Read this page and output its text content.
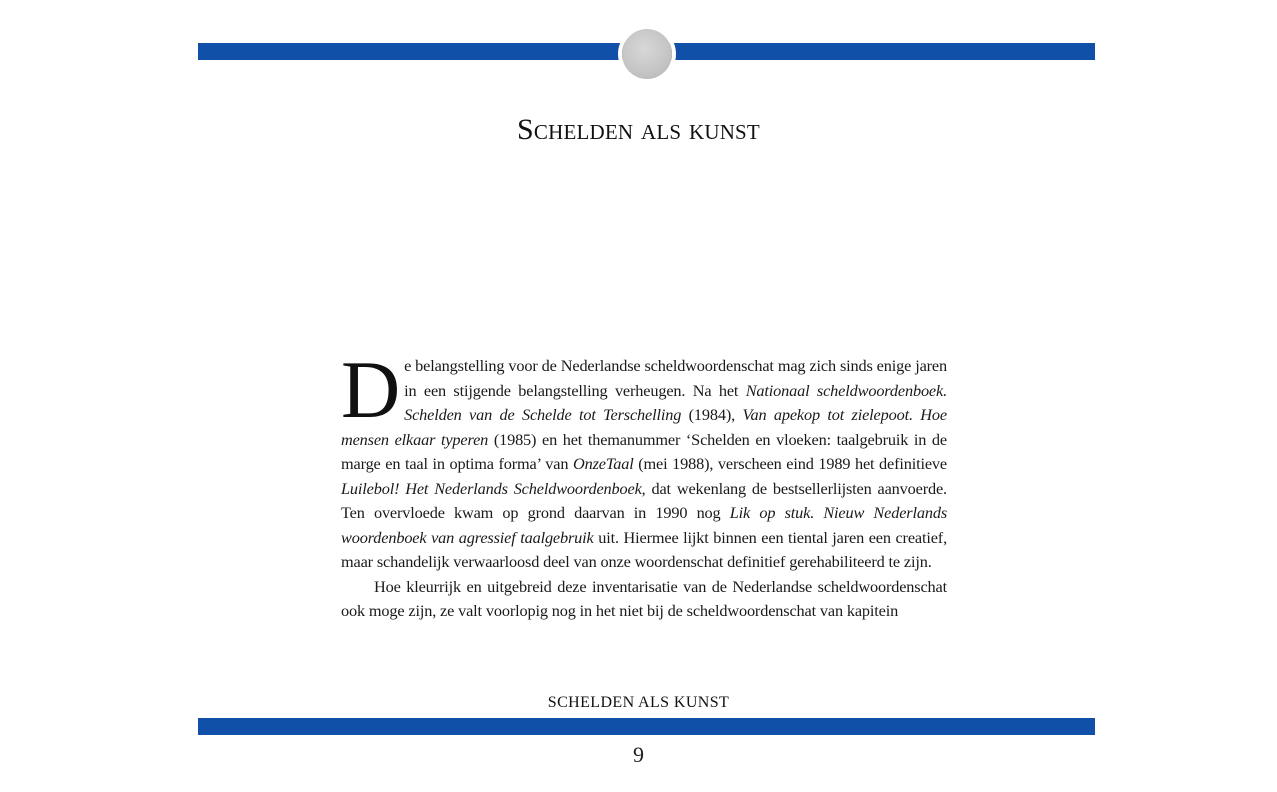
Schelden als kunst

D e belangstelling voor de Nederlandse scheldwoordenschat mag zich sinds enige jaren in een stijgende belangstelling verheugen. Na het Nationaal scheldwoordenboek. Schelden van de Schelde tot Terschelling (1984), Van apekop tot zielepoot. Hoe mensen elkaar typeren (1985) en het themanummer ‘Schelden en vloeken: taalgebruik in de marge en taal in optima forma’ van OnzeTaal (mei 1988), verscheen eind 1989 het definitieve Luilebol! Het Nederlands Scheldwoordenboek, dat wekenlang de bestsellerlijsten aanvoerde. Ten overvloede kwam op grond daarvan in 1990 nog Lik op stuk. Nieuw Nederlands woordenboek van agressief taalgebruik uit. Hiermee lijkt binnen een tiental jaren een creatief, maar schandelijk verwaarloosd deel van onze woordenschat definitief gerehabiliteerd te zijn.

Hoe kleurrijk en uitgebreid deze inventarisatie van de Nederlandse scheldwoordenschat ook moge zijn, ze valt voorlopig nog in het niet bij de scheldwoordenschat van kapitein

SCHELDEN ALS KUNST
9
